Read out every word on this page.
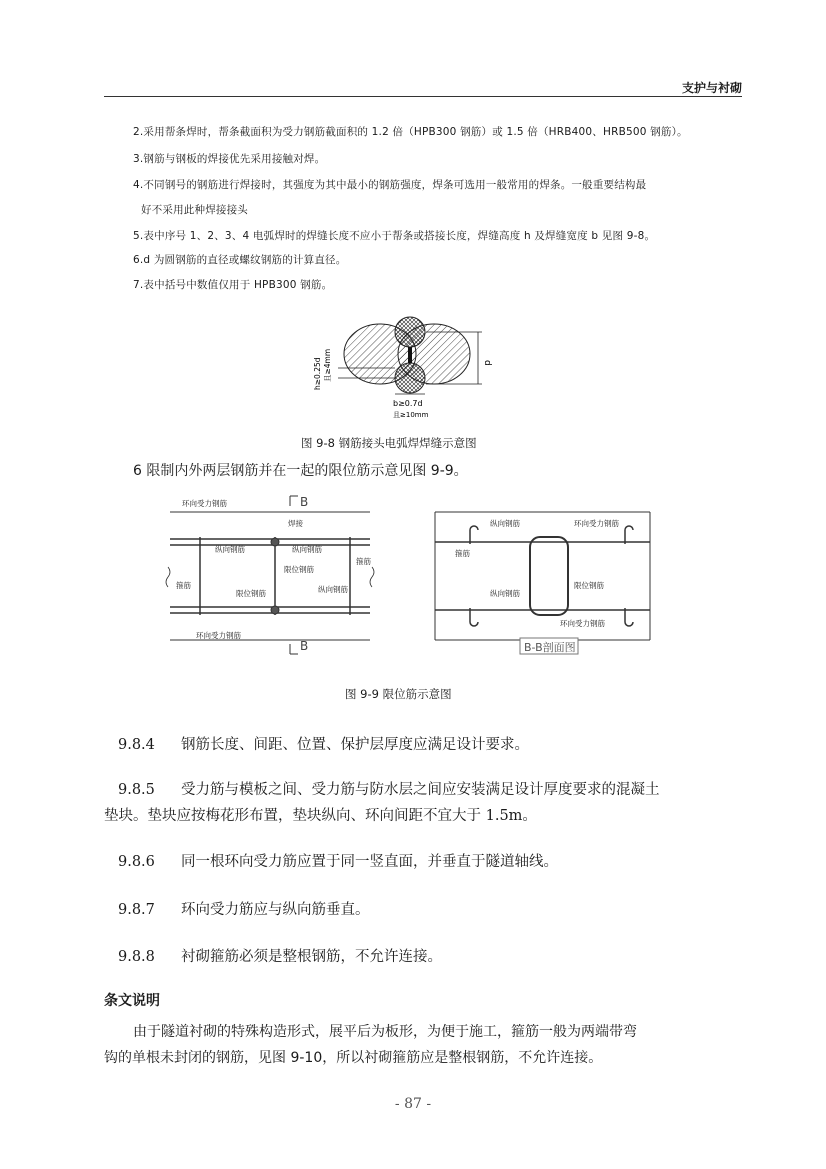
支护与衬砌
2.采用帮条焊时，帮条截面积为受力钢筋截面积的 1.2 倍（HPB300 钢筋）或 1.5 倍（HRB400、HRB500 钢筋）。
3.钢筋与钢板的焊接优先采用接触对焊。
4.不同钢号的钢筋进行焊接时，其强度为其中最小的钢筋强度，焊条可选用一般常用的焊条。一般重要结构最
好不采用此种焊接接头
5.表中序号 1、2、3、4 电弧焊时的焊缝长度不应小于帮条或搭接长度，焊缝高度 h 及焊缝宽度 b 见图 9-8。
6.d 为圆钢筋的直径或螺纹钢筋的计算直径。
7.表中括号中数值仅用于 HPB300 钢筋。
d
h≥0.25d 且≥4mm
b≥0.7d
且≥10mm
图 9-8 钢筋接头电弧焊焊缝示意图
6 限制内外两层钢筋并在一起的限位筋示意见图 9-9。
环向受力钢筋
焊接
纵向钢筋	纵向钢筋
限位钢筋
箍筋
箍筋
限位钢筋	纵向钢筋
环向受力钢筋
B
B
纵向钢筋	环向受力钢筋
箍筋
限位钢筋
纵向钢筋
环向受力钢筋
B-B剖面图
图 9-9 限位筋示意图
9.8.4 钢筋长度、间距、位置、保护层厚度应满足设计要求。
9.8.5 受力筋与模板之间、受力筋与防水层之间应安装满足设计厚度要求的混凝土
垫块。垫块应按梅花形布置，垫块纵向、环向间距不宜大于 1.5m。
9.8.6 同一根环向受力筋应置于同一竖直面，并垂直于隧道轴线。
9.8.7 环向受力筋应与纵向筋垂直。
9.8.8 衬砌箍筋必须是整根钢筋，不允许连接。
条文说明
由于隧道衬砌的特殊构造形式，展平后为板形，为便于施工，箍筋一般为两端带弯
钩的单根未封闭的钢筋，见图 9-10，所以衬砌箍筋应是整根钢筋，不允许连接。
- 87 -
